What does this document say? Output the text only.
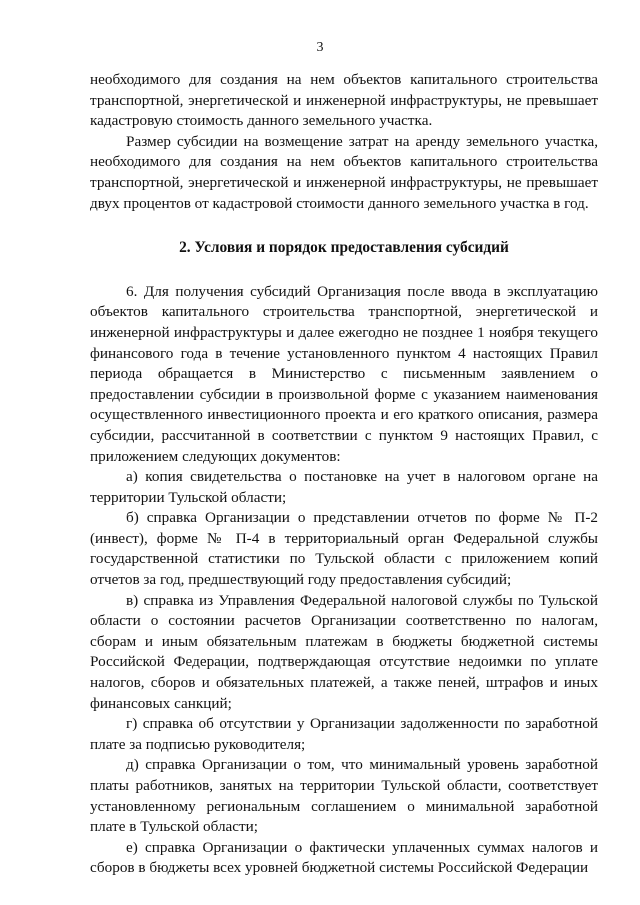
3

необходимого для создания на нем объектов капитального строительства транспортной, энергетической и инженерной инфраструктуры, не превышает кадастровую стоимость данного земельного участка.

Размер субсидии на возмещение затрат на аренду земельного участка, необходимого для создания на нем объектов капитального строительства транспортной, энергетической и инженерной инфраструктуры, не превышает двух процентов от кадастровой стоимости данного земельного участка в год.

2. Условия и порядок предоставления субсидий

6. Для получения субсидий Организация после ввода в эксплуатацию объектов капитального строительства транспортной, энергетической и инженерной инфраструктуры и далее ежегодно не позднее 1 ноября текущего финансового года в течение установленного пунктом 4 настоящих Правил периода обращается в Министерство с письменным заявлением о предоставлении субсидии в произвольной форме с указанием наименования осуществленного инвестиционного проекта и его краткого описания, размера субсидии, рассчитанной в соответствии с пунктом 9 настоящих Правил, с приложением следующих документов:

а) копия свидетельства о постановке на учет в налоговом органе на территории Тульской области;

б) справка Организации о представлении отчетов по форме № П-2 (инвест), форме № П-4 в территориальный орган Федеральной службы государственной статистики по Тульской области с приложением копий отчетов за год, предшествующий году предоставления субсидий;

в) справка из Управления Федеральной налоговой службы по Тульской области о состоянии расчетов Организации соответственно по налогам, сборам и иным обязательным платежам в бюджеты бюджетной системы Российской Федерации, подтверждающая отсутствие недоимки по уплате налогов, сборов и обязательных платежей, а также пеней, штрафов и иных финансовых санкций;

г) справка об отсутствии у Организации задолженности по заработной плате за подписью руководителя;

д) справка Организации о том, что минимальный уровень заработной платы работников, занятых на территории Тульской области, соответствует установленному региональным соглашением о минимальной заработной плате в Тульской области;

е) справка Организации о фактически уплаченных суммах налогов и сборов в бюджеты всех уровней бюджетной системы Российской Федерации
